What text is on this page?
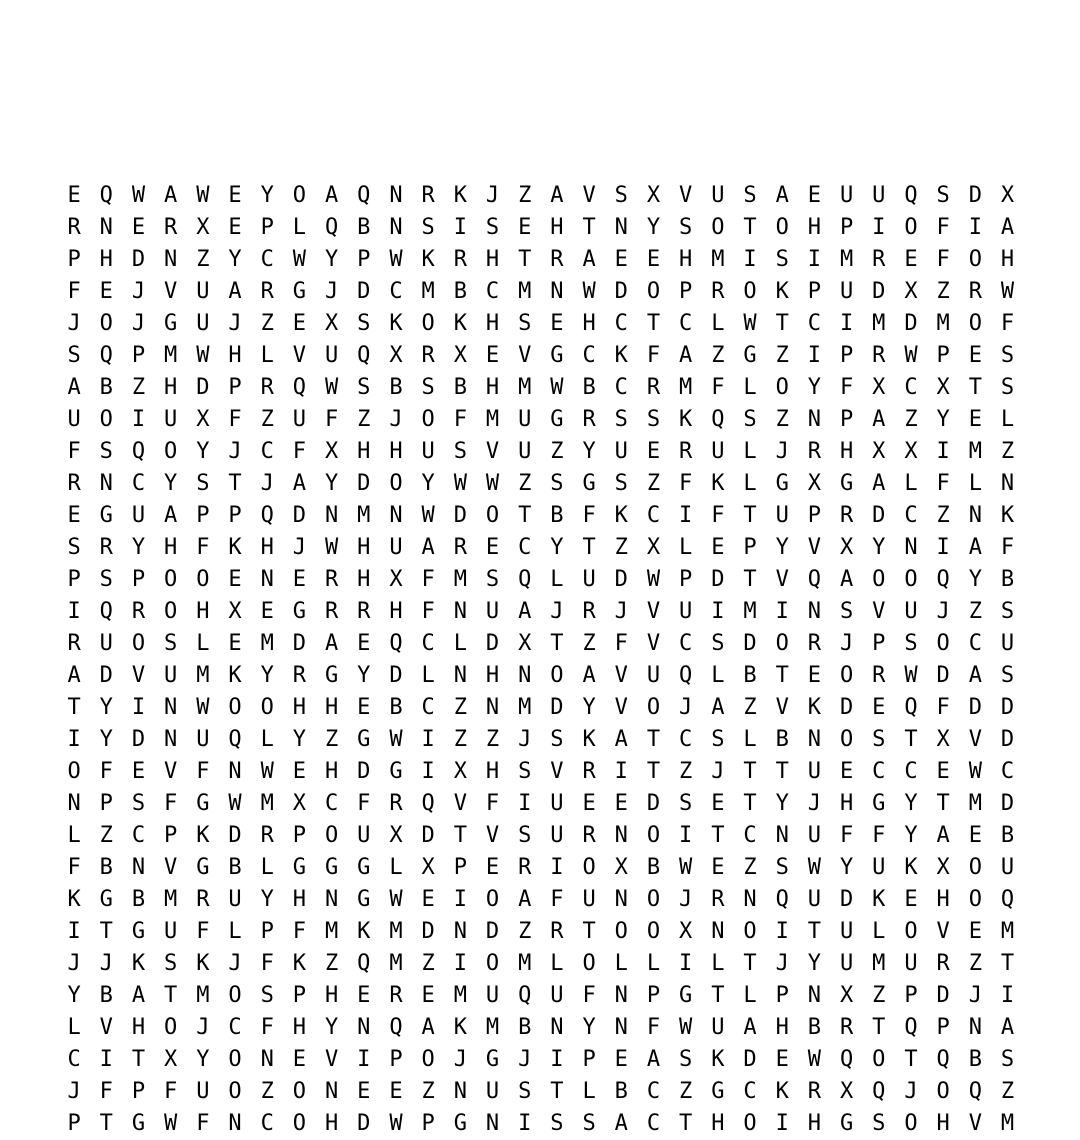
E Q W A W E Y O A Q N R K J Z A V S X V U S A E U U Q S D X
R N E R X E P L Q B N S I S E H T N Y S O T O H P I O F I A
P H D N Z Y C W Y P W K R H T R A E E H M I S I M R E F O H
F E J V U A R G J D C M B C M N W D O P R O K P U D X Z R W
J O J G U J Z E X S K O K H S E H C T C L W T C I M D M O F
S Q P M W H L V U Q X R X E V G C K F A Z G Z I P R W P E S
A B Z H D P R Q W S B S B H M W B C R M F L O Y F X C X T S
U O I U X F Z U F Z J O F M U G R S S K Q S Z N P A Z Y E L
F S Q O Y J C F X H H U S V U Z Y U E R U L J R H X X I M Z
R N C Y S T J A Y D O Y W W Z S G S Z F K L G X G A L F L N
E G U A P P Q D N M N W D O T B F K C I F T U P R D C Z N K
S R Y H F K H J W H U A R E C Y T Z X L E P Y V X Y N I A F
P S P O O E N E R H X F M S Q L U D W P D T V Q A O O Q Y B
I Q R O H X E G R R H F N U A J R J V U I M I N S V U J Z S
R U O S L E M D A E Q C L D X T Z F V C S D O R J P S O C U
A D V U M K Y R G Y D L N H N O A V U Q L B T E O R W D A S
T Y I N W O O H H E B C Z N M D Y V O J A Z V K D E Q F D D
I Y D N U Q L Y Z G W I Z Z J S K A T C S L B N O S T X V D
O F E V F N W E H D G I X H S V R I T Z J T T U E C C E W C
N P S F G W M X C F R Q V F I U E E D S E T Y J H G Y T M D
L Z C P K D R P O U X D T V S U R N O I T C N U F F Y A E B
F B N V G B L G G G L X P E R I O X B W E Z S W Y U K X O U
K G B M R U Y H N G W E I O A F U N O J R N Q U D K E H O Q
I T G U F L P F M K M D N D Z R T O O X N O I T U L O V E M
J J K S K J F K Z Q M Z I O M L O L L I L T J Y U M U R Z T
Y B A T M O S P H E R E M U Q U F N P G T L P N X Z P D J I
L V H O J C F H Y N Q A K M B N Y N F W U A H B R T Q P N A
C I T X Y O N E V I P O J G J I P E A S K D E W Q O T Q B S
J F P F U O Z O N E E Z N U S T L B C Z G C K R X Q J O Q Z
P T G W F N C O H D W P G N I S S A C T H O I H G S O H V M
